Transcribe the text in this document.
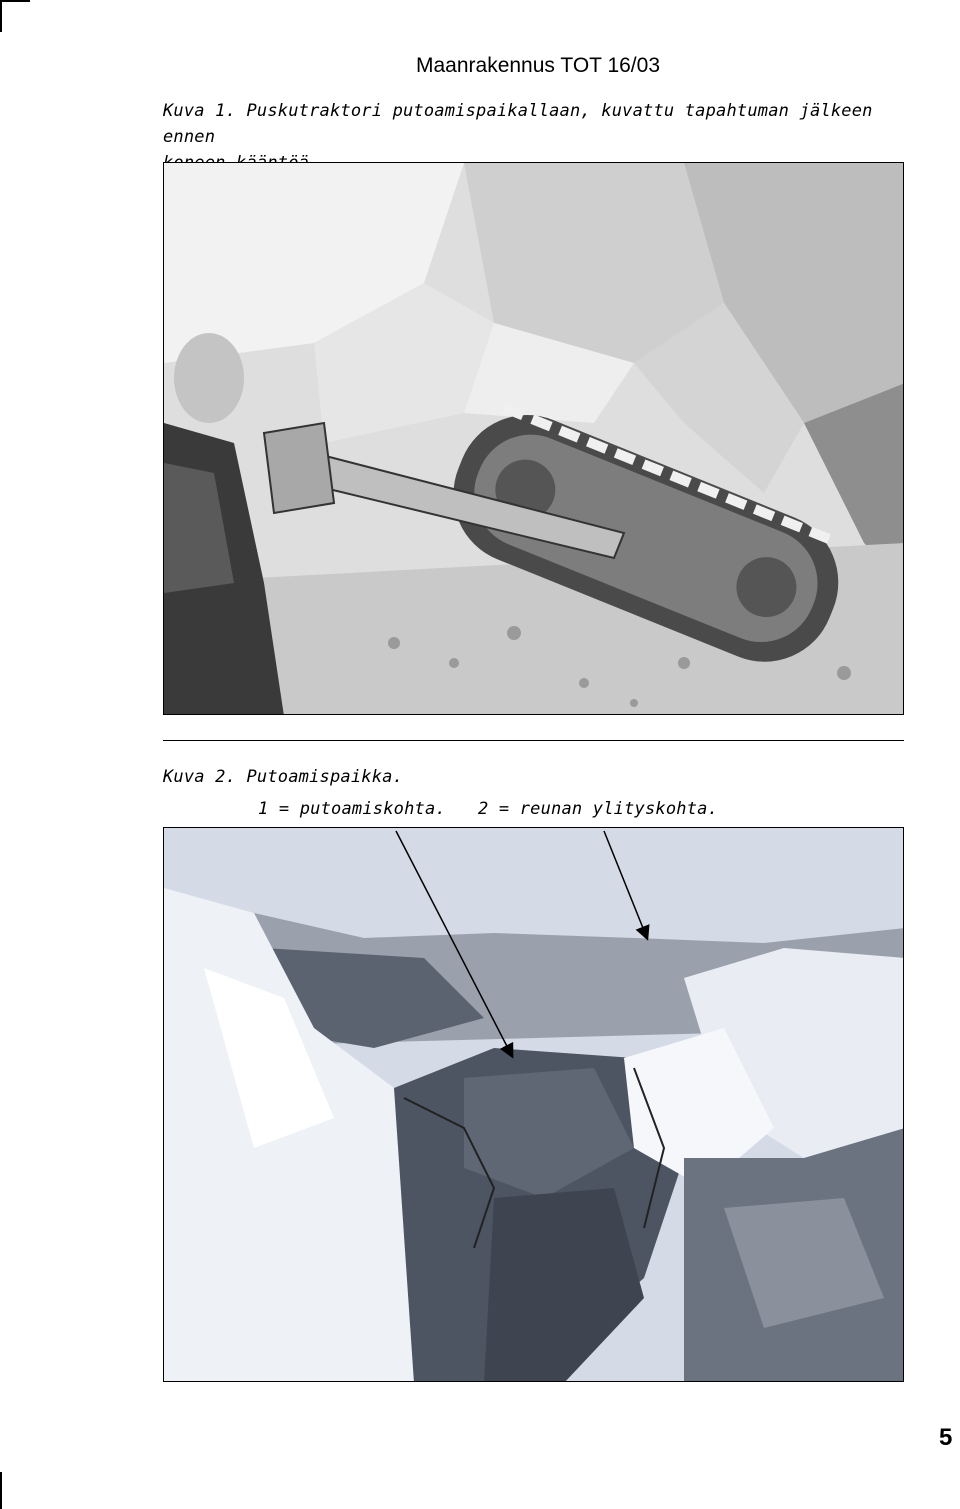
Maanrakennus TOT 16/03
Kuva 1. Puskutraktori putoamispaikallaan, kuvattu tapahtuman jälkeen ennen
Kuva 2. Putoamispaikka.
1 = putoamiskohta. 2 = reunan ylityskohta.
5
